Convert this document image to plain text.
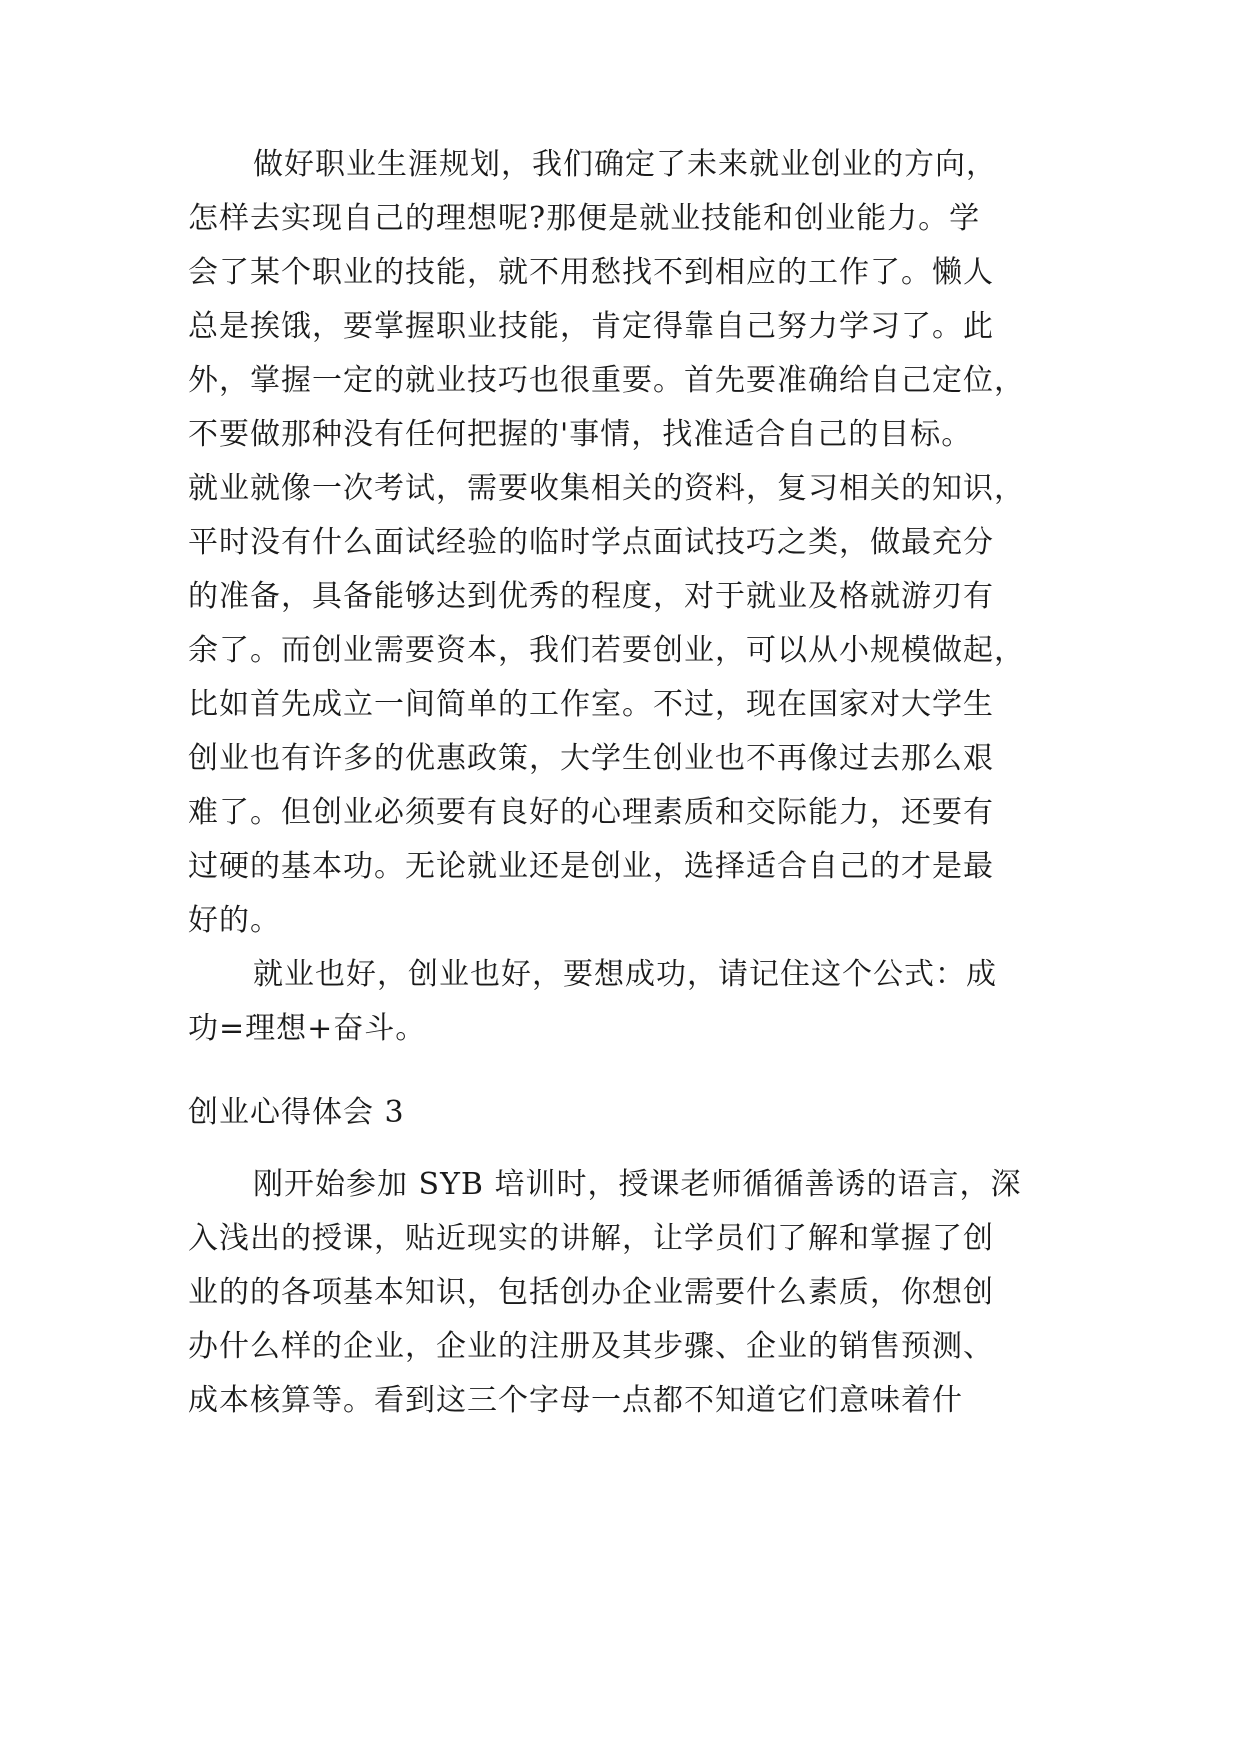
做好职业生涯规划，我们确定了未来就业创业的方向，
怎样去实现自己的理想呢?那便是就业技能和创业能力。学
会了某个职业的技能，就不用愁找不到相应的工作了。懒人
总是挨饿，要掌握职业技能，肯定得靠自己努力学习了。此
外，掌握一定的就业技巧也很重要。首先要准确给自己定位，
不要做那种没有任何把握的'事情，找准适合自己的目标。
就业就像一次考试，需要收集相关的资料，复习相关的知识，
平时没有什么面试经验的临时学点面试技巧之类，做最充分
的准备，具备能够达到优秀的程度，对于就业及格就游刃有
余了。而创业需要资本，我们若要创业，可以从小规模做起，
比如首先成立一间简单的工作室。不过，现在国家对大学生
创业也有许多的优惠政策，大学生创业也不再像过去那么艰
难了。但创业必须要有良好的心理素质和交际能力，还要有
过硬的基本功。无论就业还是创业，选择适合自己的才是最
好的。
就业也好，创业也好，要想成功，请记住这个公式：成
功=理想+奋斗。
创业心得体会 3
刚开始参加 SYB 培训时，授课老师循循善诱的语言，深
入浅出的授课，贴近现实的讲解，让学员们了解和掌握了创
业的的各项基本知识，包括创办企业需要什么素质，你想创
办什么样的企业，企业的注册及其步骤、企业的销售预测、
成本核算等。看到这三个字母一点都不知道它们意味着什
